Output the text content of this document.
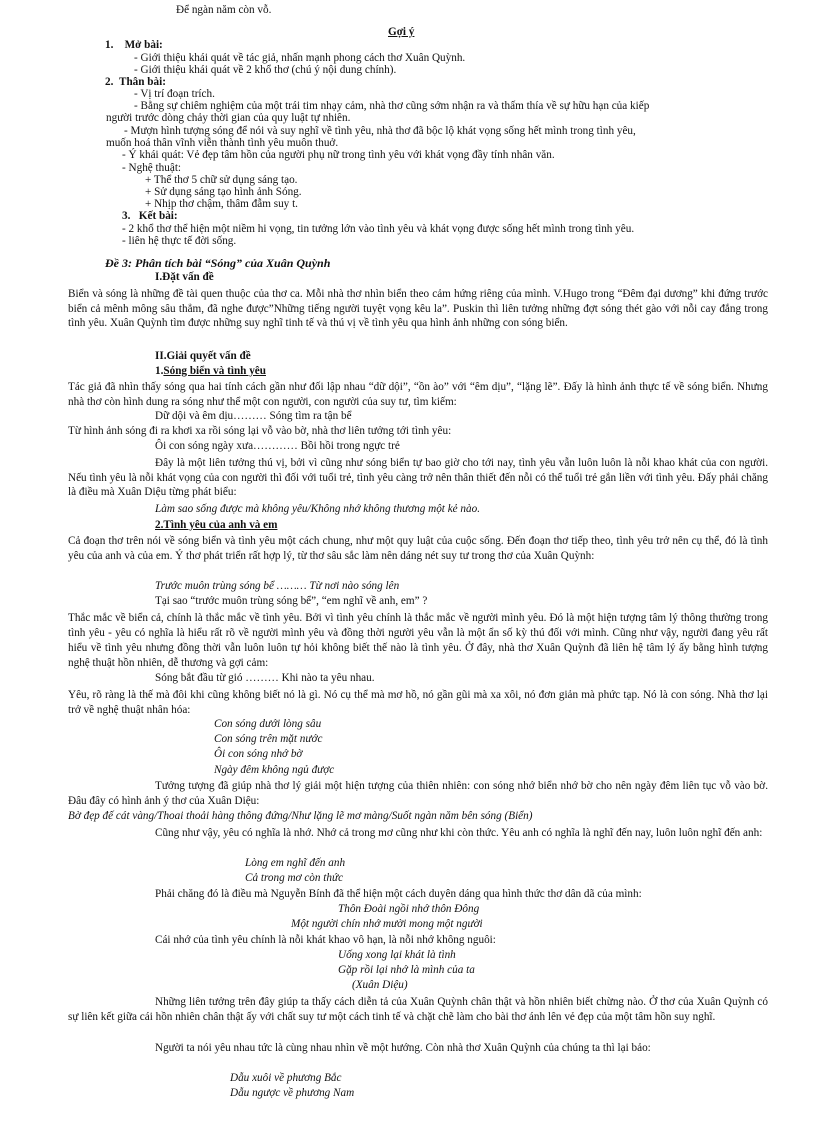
Để ngàn năm còn vỗ.
Gợi ý
1. Mở bài:
- Giới thiệu khái quát về tác giả, nhấn mạnh phong cách thơ Xuân Quỳnh.
- Giới thiệu khái quát về 2 khổ thơ (chú ý nội dung chính).
2. Thân bài:
- Vị trí đoạn trích.
- Bằng sự chiêm nghiệm của một trái tim nhạy cảm, nhà thơ cũng sớm nhận ra và thấm thía về sự hữu hạn của kiếp
người trước dòng chảy thời gian của quy luật tự nhiên.
- Mượn hình tượng sóng để nói và suy nghĩ về tình yêu, nhà thơ đã bộc lộ khát vọng sống hết mình trong tình yêu,
muốn hoá thân vĩnh viễn thành tình yêu muôn thuở.
- Ý khái quát: Vẻ đẹp tâm hồn của người phụ nữ trong tình yêu với khát vọng đầy tính nhân văn.
- Nghệ thuật:
+ Thể thơ 5 chữ sử dụng sáng tạo.
+ Sử dụng sáng tạo hình ảnh Sóng.
+ Nhịp thơ chậm, thâm đẫm suy t.
3. Kết bài:
- 2 khổ thơ thể hiện một niềm hi vọng, tin tưởng lớn vào tình yêu và khát vọng được sống hết mình trong tình yêu.
- liên hệ thực tế đời sống.
Đề 3: Phân tích bài “Sóng” của Xuân Quỳnh
I.Đặt vấn đề
Biển và sóng là những đề tài quen thuộc của thơ ca. Mỗi nhà thơ nhìn biển theo cảm hứng riêng của mình. V.Hugo trong “Đêm đại dương” khi đứng trước biển cả mênh mông sâu thẳm, đã nghe được”Những tiếng người tuyệt vọng kêu la”. Puskin thì liên tưởng những đợt sóng thét gào với nỗi cay đắng trong tình yêu. Xuân Quỳnh tìm được những suy nghĩ tinh tế và thú vị về tình yêu qua hình ảnh những con sóng biển.
II.Giải quyết vấn đề
1.Sóng biển và tình yêu
Tác giả đã nhìn thấy sóng qua hai tính cách gần như đối lập nhau “dữ dội”, “ồn ào” với “êm dịu”, “lặng lẽ”. Đấy là hình ảnh thực tế về sóng biển. Nhưng nhà thơ còn hình dung ra sóng như thể một con người, con người của suy tư, tìm kiếm:
Dữ dội và êm dịu……… Sóng tìm ra tận bể
Từ hình ảnh sóng đi ra khơi xa rồi sóng lại vỗ vào bờ, nhà thơ liên tưởng tới tình yêu:
Ôi con sóng ngày xưa………… Bồi hồi trong ngực trẻ
Đây là một liên tưởng thú vị, bởi vì cũng như sóng biển tự bao giờ cho tới nay, tình yêu vẫn luôn luôn là nỗi khao khát của con người. Nếu tình yêu là nỗi khát vọng của con người thì đối với tuổi trẻ, tình yêu càng trở nên thân thiết đến nỗi có thể tuổi trẻ gắn liền với tình yêu. Đấy phải chăng là điều mà Xuân Diệu từng phát biểu:
Làm sao sống được mà không yêu/Không nhớ không thương một kẻ nào.
2.Tình yêu của anh và em
Cả đoạn thơ trên nói về sóng biển và tình yêu một cách chung, như một quy luật của cuộc sống. Đến đoạn thơ tiếp theo, tình yêu trở nên cụ thể, đó là tình yêu của anh và của em. Ý thơ phát triển rất hợp lý, từ thơ sâu sắc làm nên dáng nét suy tư trong thơ của Xuân Quỳnh:
Trước muôn trùng sóng bể ……… Từ nơi nào sóng lên
Tại sao “trước muôn trùng sóng bể”, “em nghĩ về anh, em” ?
Thắc mắc về biển cả, chính là thắc mắc về tình yêu. Bởi vì tình yêu chính là thắc mắc về người mình yêu. Đó là một hiện tượng tâm lý thông thường trong tình yêu - yêu có nghĩa là hiểu rất rõ về người mình yêu và đồng thời người yêu vẫn là một ẩn số kỳ thú đối với mình. Cũng như vậy, người đang yêu rất hiểu về tình yêu nhưng đồng thời vẫn luôn luôn tự hỏi không biết thế nào là tình yêu. Ở đây, nhà thơ Xuân Quỳnh đã liên hệ tâm lý ấy bằng hình tượng nghệ thuật hồn nhiên, dễ thương và gợi cảm:
Sóng bắt đầu từ gió ……… Khi nào ta yêu nhau.
Yêu, rõ ràng là thế mà đôi khi cũng không biết nó là gì. Nó cụ thể mà mơ hồ, nó gần gũi mà xa xôi, nó đơn giản mà phức tạp. Nó là con sóng. Nhà thơ lại trở về nghệ thuật nhân hóa:
Con sóng dưới lòng sâu
Con sóng trên mặt nước
Ôi con sóng nhớ bờ
Ngày đêm không ngủ được
Tưởng tượng đã giúp nhà thơ lý giải một hiện tượng của thiên nhiên: con sóng nhớ biển nhớ bờ cho nên ngày đêm liên tục vỗ vào bờ. Đâu đây có hình ảnh ý thơ của Xuân Diệu:
Bờ đẹp đế cát vàng/Thoai thoải hàng thông đứng/Như lặng lẽ mơ màng/Suốt ngàn năm bên sóng (Biển)
Cũng như vậy, yêu có nghĩa là nhớ. Nhớ cả trong mơ cũng như khi còn thức. Yêu anh có nghĩa là nghĩ đến nay, luôn luôn nghĩ đến anh:
Lòng em nghĩ đến anh
Cả trong mơ còn thức
Phải chăng đó là điều mà Nguyễn Bính đã thể hiện một cách duyên dáng qua hình thức thơ dân dã của mình:
Thôn Đoài ngồi nhớ thôn Đông
Một người chín nhớ mười mong một người
Cái nhớ của tình yêu chính là nỗi khát khao vô hạn, là nỗi nhớ không nguôi:
Uống xong lại khát là tình
Gặp rồi lại nhớ là mình của ta
(Xuân Diệu)
Những liên tưởng trên đây giúp ta thấy cách diễn tả của Xuân Quỳnh chân thật và hồn nhiên biết chừng nào. Ở thơ của Xuân Quỳnh có sự liên kết giữa cái hồn nhiên chân thật ấy với chất suy tư một cách tinh tế và chặt chẽ làm cho bài thơ ánh lên vẻ đẹp của một tâm hồn suy nghĩ.
Người ta nói yêu nhau tức là cùng nhau nhìn về một hướng. Còn nhà thơ Xuân Quỳnh của chúng ta thì lại bảo:
Dẫu xuôi về phương Bắc
Dẫu ngược về phương Nam
